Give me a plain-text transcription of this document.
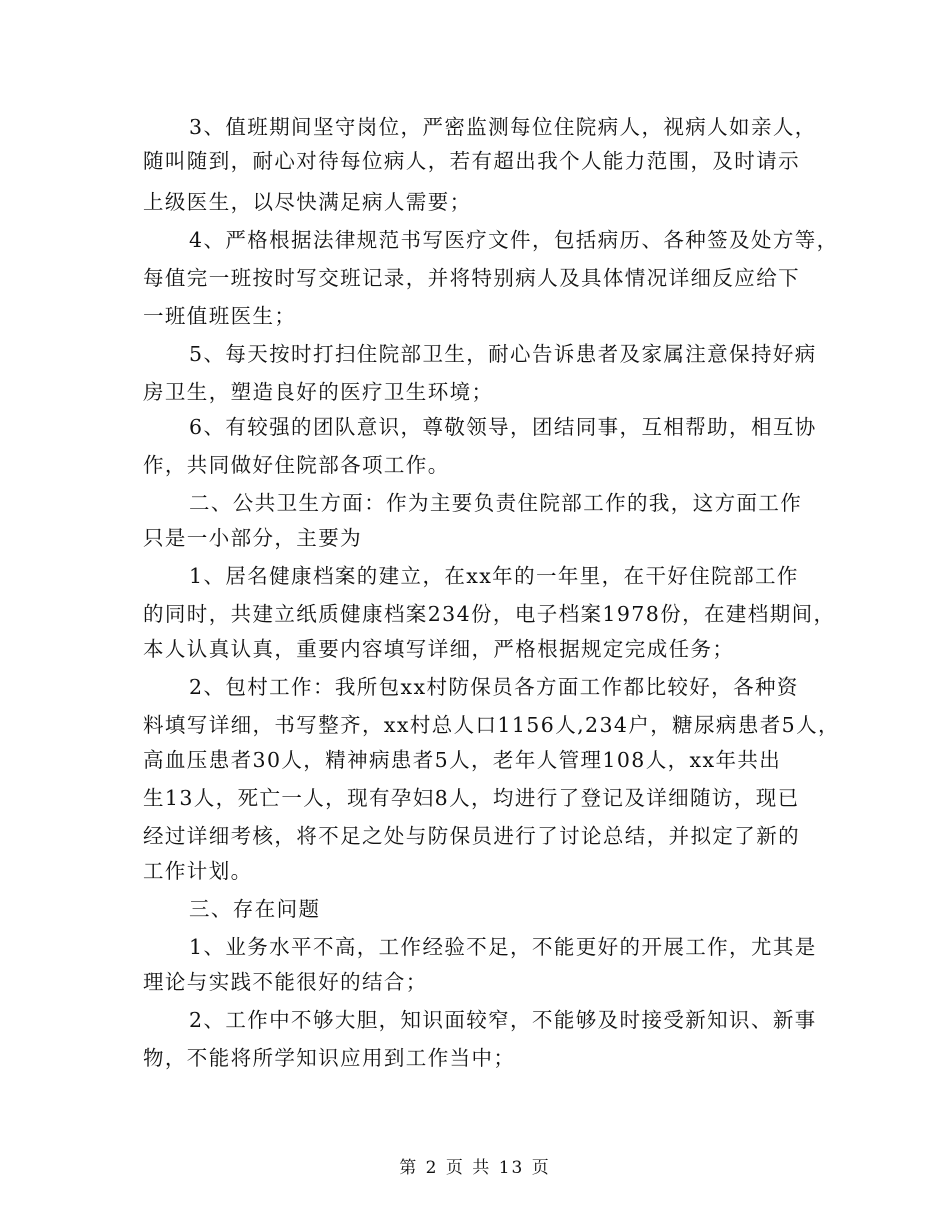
3、值班期间坚守岗位，严密监测每位住院病人，视病人如亲人，
随叫随到，耐心对待每位病人，若有超出我个人能力范围，及时请示
上级医生，以尽快满足病人需要；
4、严格根据法律规范书写医疗文件，包括病历、各种签及处方等，
每值完一班按时写交班记录，并将特别病人及具体情况详细反应给下
一班值班医生；
5、每天按时打扫住院部卫生，耐心告诉患者及家属注意保持好病
房卫生，塑造良好的医疗卫生环境；
6、有较强的团队意识，尊敬领导，团结同事，互相帮助，相互协
作，共同做好住院部各项工作。
二、公共卫生方面：作为主要负责住院部工作的我，这方面工作
只是一小部分，主要为
1、居名健康档案的建立，在xx年的一年里，在干好住院部工作
的同时，共建立纸质健康档案234份，电子档案1978份，在建档期间，
本人认真认真，重要内容填写详细，严格根据规定完成任务；
2、包村工作：我所包xx村防保员各方面工作都比较好，各种资
料填写详细，书写整齐，xx村总人口1156人,234户，糖尿病患者5人，
高血压患者30人，精神病患者5人，老年人管理108人，xx年共出
生13人，死亡一人，现有孕妇8人，均进行了登记及详细随访，现已
经过详细考核，将不足之处与防保员进行了讨论总结，并拟定了新的
工作计划。
三、存在问题
1、业务水平不高，工作经验不足，不能更好的开展工作，尤其是
理论与实践不能很好的结合；
2、工作中不够大胆，知识面较窄，不能够及时接受新知识、新事
物，不能将所学知识应用到工作当中；
第 2 页 共 13 页
